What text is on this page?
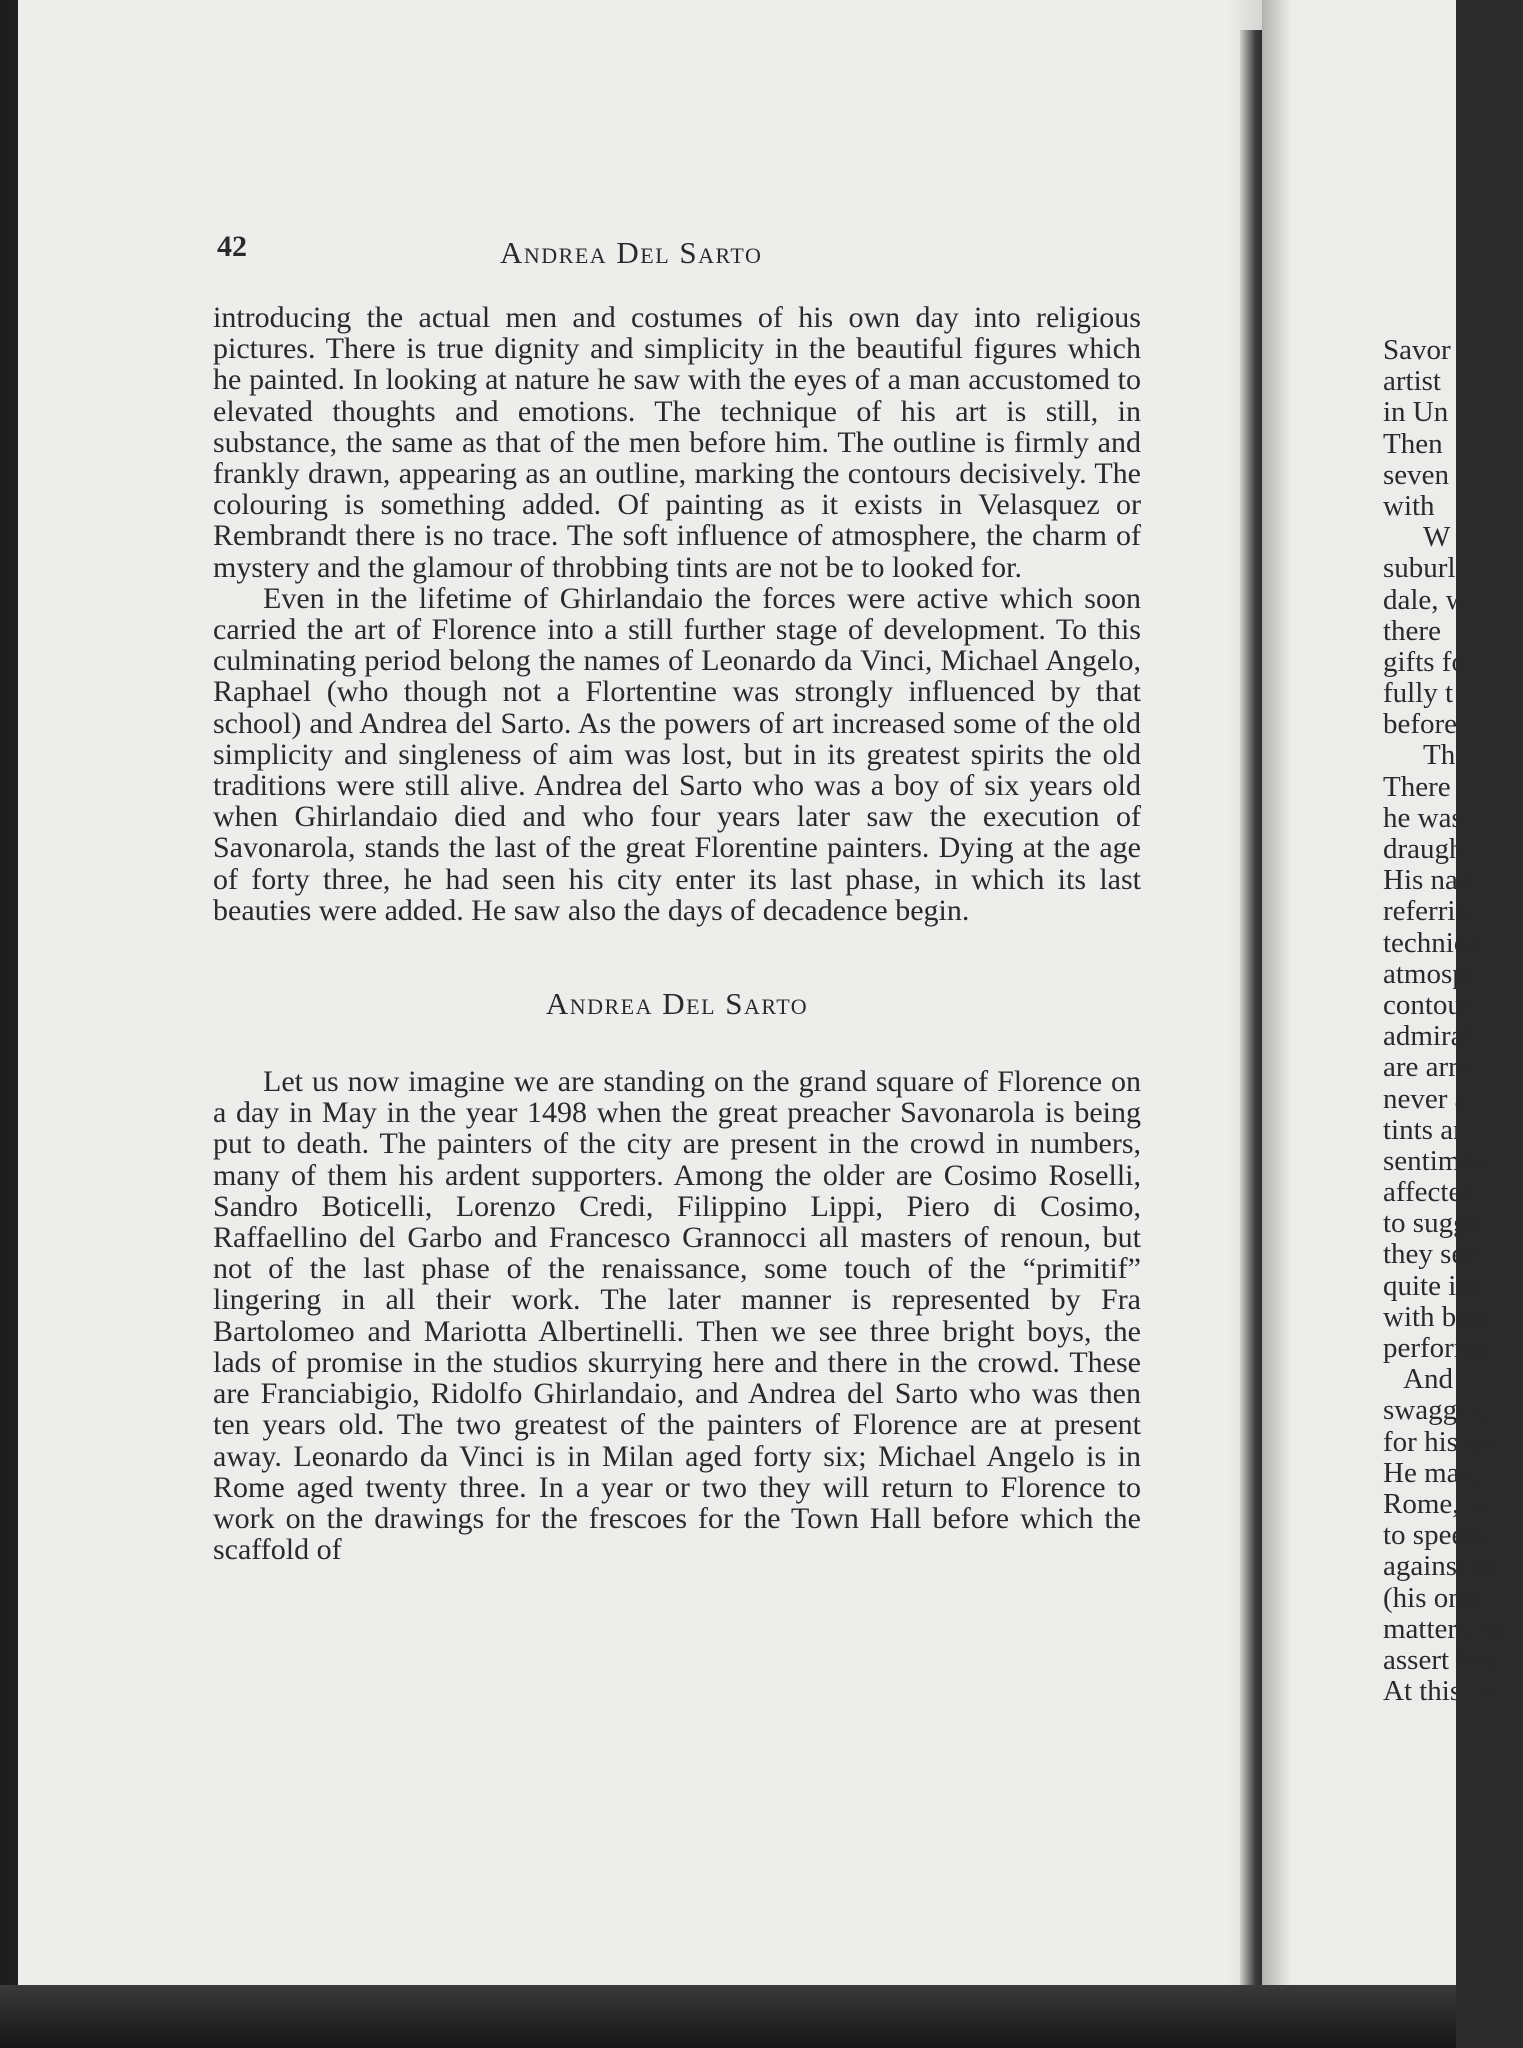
42	Andrea Del Sarto

introducing the actual men and costumes of his own day into religious pictures. There is true dignity and simplicity in the beautiful figures which he painted. In looking at nature he saw with the eyes of a man accustomed to elevated thoughts and emotions. The technique of his art is still, in substance, the same as that of the men before him. The outline is firmly and frankly drawn, appearing as an outline, marking the contours decisively. The colouring is something added. Of painting as it exists in Velasquez or Rembrandt there is no trace. The soft influence of atmosphere, the charm of mystery and the glamour of throbbing tints are not be to looked for.

Even in the lifetime of Ghirlandaio the forces were active which soon carried the art of Florence into a still further stage of development. To this culminating period belong the names of Leonardo da Vinci, Michael Angelo, Raphael (who though not a Flortentine was strongly influenced by that school) and Andrea del Sarto. As the powers of art increased some of the old simplicity and singleness of aim was lost, but in its greatest spirits the old traditions were still alive. Andrea del Sarto who was a boy of six years old when Ghirlandaio died and who four years later saw the execution of Savonarola, stands the last of the great Florentine painters. Dying at the age of forty three, he had seen his city enter its last phase, in which its last beauties were added. He saw also the days of decadence begin.

Andrea Del Sarto

Let us now imagine we are standing on the grand square of Florence on a day in May in the year 1498 when the great preacher Savonarola is being put to death. The painters of the city are present in the crowd in numbers, many of them his ardent supporters. Among the older are Cosimo Roselli, Sandro Boticelli, Lorenzo Credi, Filippino Lippi, Piero di Cosimo, Raffaellino del Garbo and Francesco Grannocci all masters of renoun, but not of the last phase of the renaissance, some touch of the “primitif” lingering in all their work. The later manner is represented by Fra Bartolomeo and Mariotta Albertinelli. Then we see three bright boys, the lads of promise in the studios skurrying here and there in the crowd. These are Franciabigio, Ridolfo Ghirlandaio, and Andrea del Sarto who was then ten years old. The two greatest of the painters of Florence are at present away. Leonardo da Vinci is in Milan aged forty six; Michael Angelo is in Rome aged twenty three. In a year or two they will return to Florence to work on the drawings for the frescoes for the Town Hall before which the scaffold of

Savor
artist
in Un
Then
seven
with
W
suburl
dale, w
there
gifts fo
fully t
before
Th
There
he was
draugh
His nan
referrin
technica
atmospl
contour
admiral
are arra
never a
tints ar
sentimen
affected
to sugge
they see
quite im
with bou
performa
And
swagger,
for his qu
He may,
Rome, w
to speedy
against hi
(his only
matters, w
assert hin
At this tir
